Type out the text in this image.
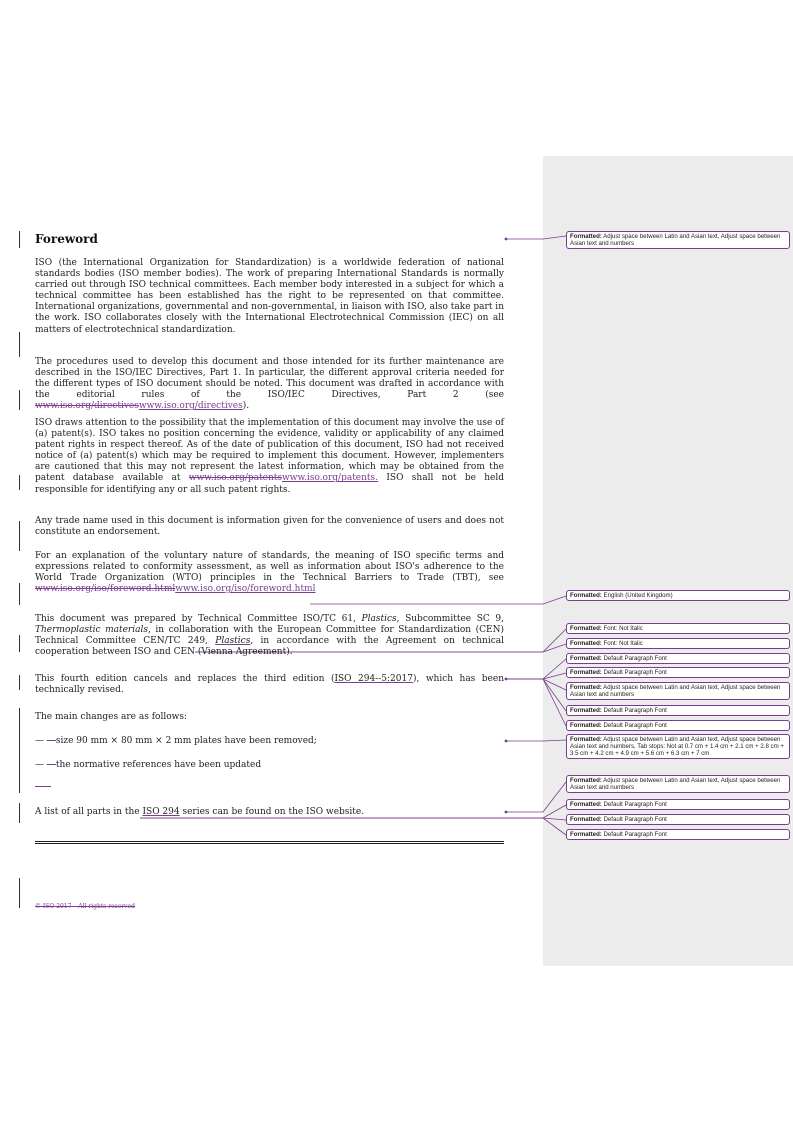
Foreword

ISO (the International Organization for Standardization) is a worldwide federation of national standards bodies (ISO member bodies). The work of preparing International Standards is normally carried out through ISO technical committees. Each member body interested in a subject for which a technical committee has been established has the right to be represented on that committee. International organizations, governmental and non-governmental, in liaison with ISO, also take part in the work. ISO collaborates closely with the International Electrotechnical Commission (IEC) on all matters of electrotechnical standardization.

The procedures used to develop this document and those intended for its further maintenance are described in the ISO/IEC Directives, Part 1. In particular, the different approval criteria needed for the different types of ISO document should be noted. This document was drafted in accordance with the editorial rules of the ISO/IEC Directives, Part 2 (see www.iso.org/directiveswww.iso.org/directives).

ISO draws attention to the possibility that the implementation of this document may involve the use of (a) patent(s). ISO takes no position concerning the evidence, validity or applicability of any claimed patent rights in respect thereof. As of the date of publication of this document, ISO had not received notice of (a) patent(s) which may be required to implement this document. However, implementers are cautioned that this may not represent the latest information, which may be obtained from the patent database available at www.iso.org/patentswww.iso.org/patents. ISO shall not be held responsible for identifying any or all such patent rights.

Any trade name used in this document is information given for the convenience of users and does not constitute an endorsement.

For an explanation of the voluntary nature of standards, the meaning of ISO specific terms and expressions related to conformity assessment, as well as information about ISO's adherence to the World Trade Organization (WTO) principles in the Technical Barriers to Trade (TBT), see www.iso.org/iso/foreword.htmlwww.iso.org/iso/foreword.html

This document was prepared by Technical Committee ISO/TC 61, Plastics, Subcommittee SC 9, Thermoplastic materials, in collaboration with the European Committee for Standardization (CEN) Technical Committee CEN/TC 249, Plastics, in accordance with the Agreement on technical cooperation between ISO and CEN (Vienna Agreement).

This fourth edition cancels and replaces the third edition (ISO 294-‑5:2017), which has been technically revised.

The main changes are as follows:

— —size 90 mm × 80 mm × 2 mm plates have been removed;

— —the normative references have been updated

A list of all parts in the ISO 294 series can be found on the ISO website.

© ISO 2017 – All rights reserved
Formatted: Adjust space between Latin and Asian text, Adjust space between Asian text and numbers
Formatted: English (United Kingdom)
Formatted: Font: Not Italic
Formatted: Font: Not Italic
Formatted: Default Paragraph Font
Formatted: Default Paragraph Font
Formatted: Adjust space between Latin and Asian text, Adjust space between Asian text and numbers
Formatted: Default Paragraph Font
Formatted: Default Paragraph Font
Formatted: Adjust space between Latin and Asian text, Adjust space between Asian text and numbers, Tab stops: Not at 0.7 cm + 1.4 cm + 2.1 cm + 2.8 cm + 3.5 cm + 4.2 cm + 4.9 cm + 5.6 cm + 6.3 cm + 7 cm
Formatted: Adjust space between Latin and Asian text, Adjust space between Asian text and numbers
Formatted: Default Paragraph Font
Formatted: Default Paragraph Font
Formatted: Default Paragraph Font
